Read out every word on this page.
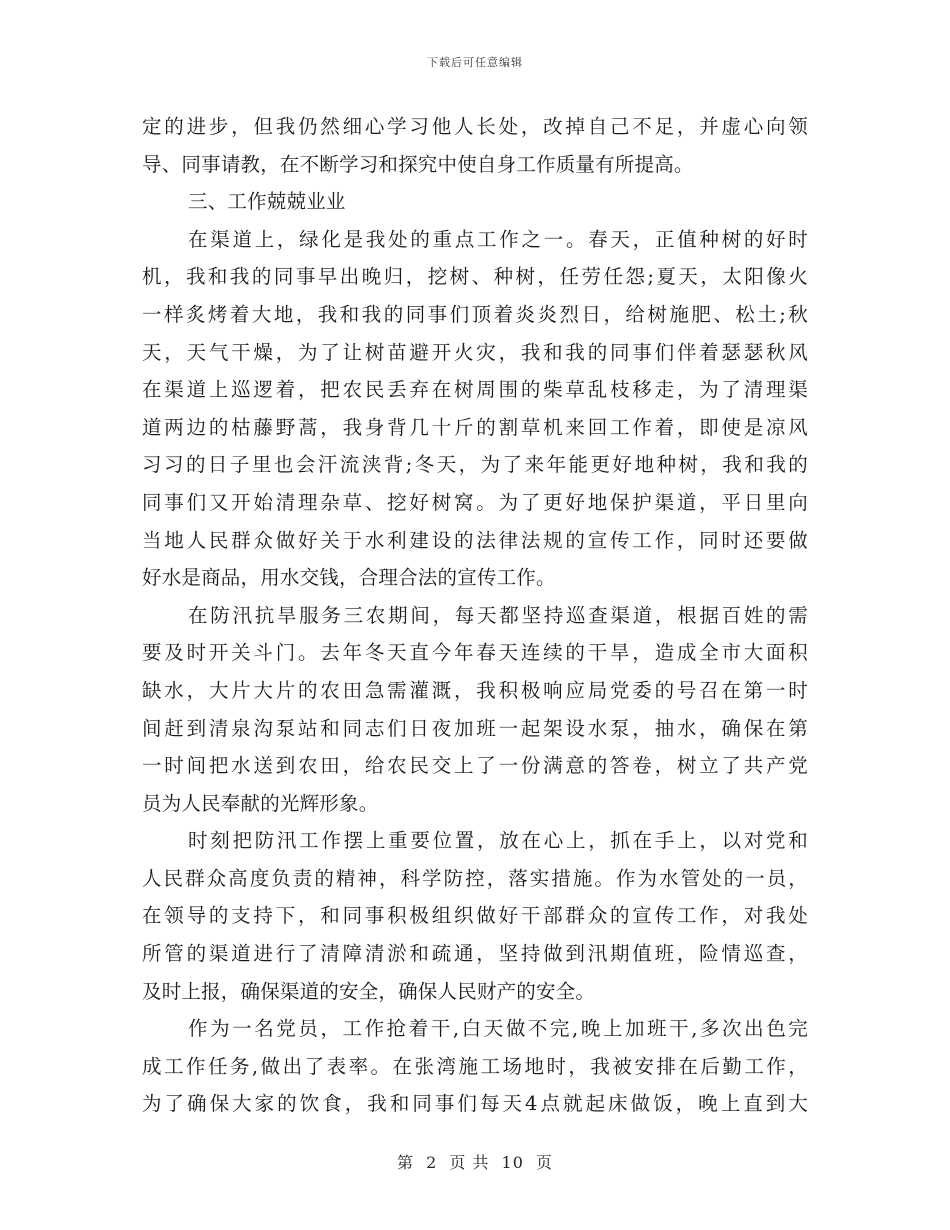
下载后可任意编辑
定的进步，但我仍然细心学习他人长处，改掉自己不足，并虚心向领
导、同事请教，在不断学习和探究中使自身工作质量有所提高。
三、工作兢兢业业
在渠道上，绿化是我处的重点工作之一。春天，正值种树的好时
机，我和我的同事早出晚归，挖树、种树，任劳任怨;夏天，太阳像火
一样炙烤着大地，我和我的同事们顶着炎炎烈日，给树施肥、松土;秋
天，天气干燥，为了让树苗避开火灾，我和我的同事们伴着瑟瑟秋风
在渠道上巡逻着，把农民丢弃在树周围的柴草乱枝移走，为了清理渠
道两边的枯藤野蒿，我身背几十斤的割草机来回工作着，即使是凉风
习习的日子里也会汗流浃背;冬天，为了来年能更好地种树，我和我的
同事们又开始清理杂草、挖好树窝。为了更好地保护渠道，平日里向
当地人民群众做好关于水利建设的法律法规的宣传工作，同时还要做
好水是商品，用水交钱，合理合法的宣传工作。
在防汛抗旱服务三农期间，每天都坚持巡查渠道，根据百姓的需
要及时开关斗门。去年冬天直今年春天连续的干旱，造成全市大面积
缺水，大片大片的农田急需灌溉，我积极响应局党委的号召在第一时
间赶到清泉沟泵站和同志们日夜加班一起架设水泵，抽水，确保在第
一时间把水送到农田，给农民交上了一份满意的答卷，树立了共产党
员为人民奉献的光辉形象。
时刻把防汛工作摆上重要位置，放在心上，抓在手上，以对党和
人民群众高度负责的精神，科学防控，落实措施。作为水管处的一员，
在领导的支持下，和同事积极组织做好干部群众的宣传工作，对我处
所管的渠道进行了清障清淤和疏通，坚持做到汛期值班，险情巡查，
及时上报，确保渠道的安全，确保人民财产的安全。
作为一名党员，工作抢着干,白天做不完,晚上加班干,多次出色完
成工作任务,做出了表率。在张湾施工场地时，我被安排在后勤工作，
为了确保大家的饮食，我和同事们每天4点就起床做饭，晚上直到大
第 2 页 共 10 页
